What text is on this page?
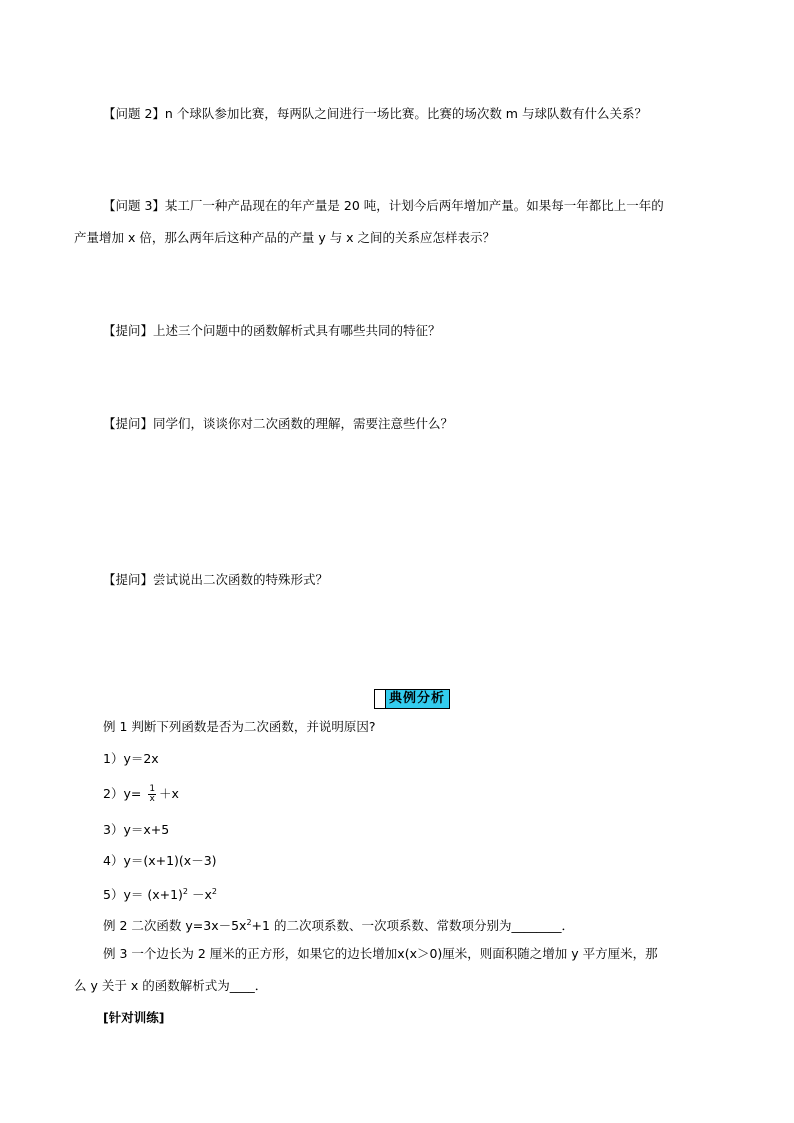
【问题 2】n 个球队参加比赛，每两队之间进行一场比赛。比赛的场次数 m 与球队数有什么关系？
【问题 3】某工厂一种产品现在的年产量是 20 吨，计划今后两年增加产量。如果每一年都比上一年的
产量增加 x 倍，那么两年后这种产品的产量 y 与 x 之间的关系应怎样表示？
【提问】上述三个问题中的函数解析式具有哪些共同的特征？
【提问】同学们，谈谈你对二次函数的理解，需要注意些什么？
【提问】尝试说出二次函数的特殊形式？
典例分析
例 1 判断下列函数是否为二次函数，并说明原因?
1）y＝2x
$2)y= \frac{1}{x} +x$
3）y＝x+5
4）y＝(x+1)(x－3)
$5)y= (x+1)^2 -x^2$
例 2 二次函数 $y=3x-5x^2+1$ 的二次项系数、一次项系数、常数项分别为________．
例 3 一个边长为 2 厘米的正方形，如果它的边长增加x(x＞0)厘米，则面积随之增加 y 平方厘米，那
么 y 关于 x 的函数解析式为____．
[针对训练]
